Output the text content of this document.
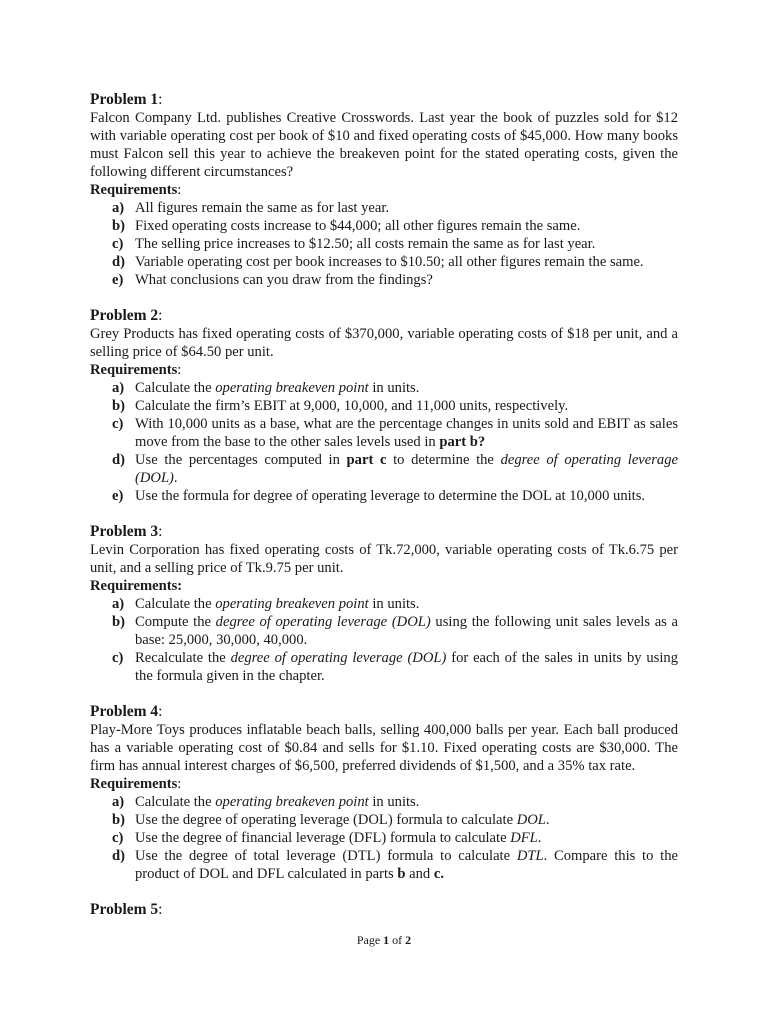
Problem 1:

Falcon Company Ltd. publishes Creative Crosswords. Last year the book of puzzles sold for $12 with variable operating cost per book of $10 and fixed operating costs of $45,000. How many books must Falcon sell this year to achieve the breakeven point for the stated operating costs, given the following different circumstances?

Requirements:
a) All figures remain the same as for last year.
b) Fixed operating costs increase to $44,000; all other figures remain the same.
c) The selling price increases to $12.50; all costs remain the same as for last year.
d) Variable operating cost per book increases to $10.50; all other figures remain the same.
e) What conclusions can you draw from the findings?
Problem 2:

Grey Products has fixed operating costs of $370,000, variable operating costs of $18 per unit, and a selling price of $64.50 per unit.

Requirements:
a) Calculate the operating breakeven point in units.
b) Calculate the firm’s EBIT at 9,000, 10,000, and 11,000 units, respectively.
c) With 10,000 units as a base, what are the percentage changes in units sold and EBIT as sales move from the base to the other sales levels used in part b?
d) Use the percentages computed in part c to determine the degree of operating leverage (DOL).
e) Use the formula for degree of operating leverage to determine the DOL at 10,000 units.
Problem 3:

Levin Corporation has fixed operating costs of Tk.72,000, variable operating costs of Tk.6.75 per unit, and a selling price of Tk.9.75 per unit.

Requirements:
a) Calculate the operating breakeven point in units.
b) Compute the degree of operating leverage (DOL) using the following unit sales levels as a base: 25,000, 30,000, 40,000.
c) Recalculate the degree of operating leverage (DOL) for each of the sales in units by using the formula given in the chapter.
Problem 4:

Play-More Toys produces inflatable beach balls, selling 400,000 balls per year. Each ball produced has a variable operating cost of $0.84 and sells for $1.10. Fixed operating costs are $30,000. The firm has annual interest charges of $6,500, preferred dividends of $1,500, and a 35% tax rate.

Requirements:
a) Calculate the operating breakeven point in units.
b) Use the degree of operating leverage (DOL) formula to calculate DOL.
c) Use the degree of financial leverage (DFL) formula to calculate DFL.
d) Use the degree of total leverage (DTL) formula to calculate DTL. Compare this to the product of DOL and DFL calculated in parts b and c.
Problem 5:
Page 1 of 2
